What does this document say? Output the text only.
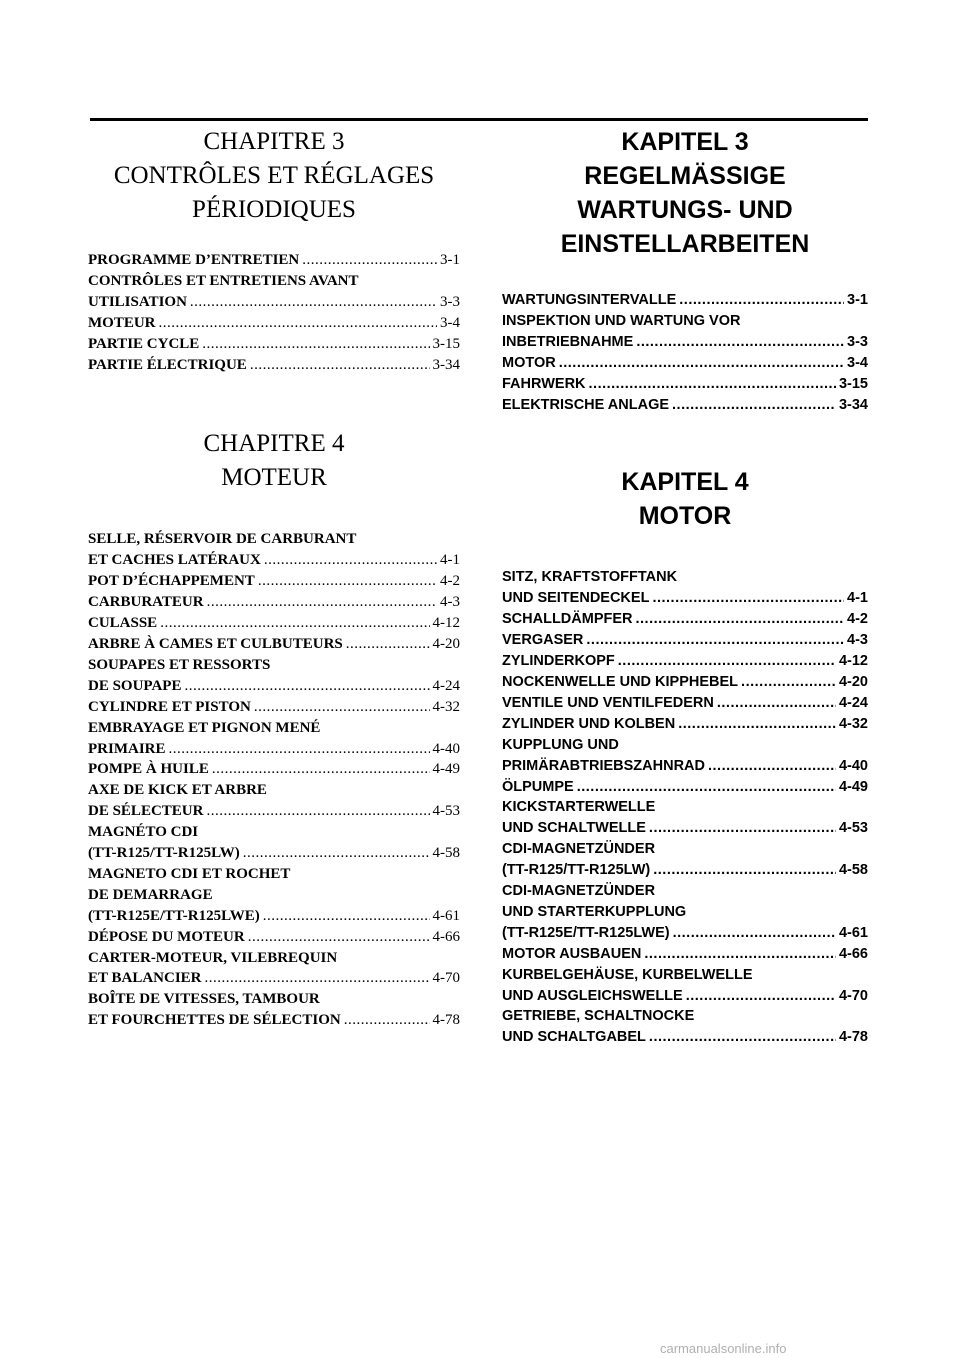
CHAPITRE 3
CONTRÔLES ET RÉGLAGES
PÉRIODIQUES
PROGRAMME D’ENTRETIEN .....	3-1
CONTRÔLES ET ENTRETIENS AVANT
UTILISATION .....	3-3
MOTEUR .....	3-4
PARTIE CYCLE .....	3-15
PARTIE ÉLECTRIQUE .....	3-34
CHAPITRE 4
MOTEUR
SELLE, RÉSERVOIR DE CARBURANT
ET CACHES LATÉRAUX .....	4-1
POT D’ÉCHAPPEMENT .....	4-2
CARBURATEUR .....	4-3
CULASSE .....	4-12
ARBRE À CAMES ET CULBUTEURS .....	4-20
SOUPAPES ET RESSORTS
DE SOUPAPE .....	4-24
CYLINDRE ET PISTON .....	4-32
EMBRAYAGE ET PIGNON MENÉ
PRIMAIRE .....	4-40
POMPE À HUILE .....	4-49
AXE DE KICK ET ARBRE
DE SÉLECTEUR .....	4-53
MAGNÉTO CDI
(TT-R125/TT-R125LW) .....	4-58
MAGNETO CDI ET ROCHET
DE DEMARRAGE
(TT-R125E/TT-R125LWE) .....	4-61
DÉPOSE DU MOTEUR .....	4-66
CARTER-MOTEUR, VILEBREQUIN
ET BALANCIER .....	4-70
BOÎTE DE VITESSES, TAMBOUR
ET FOURCHETTES DE SÉLECTION .....	4-78
KAPITEL 3
REGELMÄSSIGE
WARTUNGS- UND
EINSTELLARBEITEN
WARTUNGSINTERVALLE .....	3-1
INSPEKTION UND WARTUNG VOR
INBETRIEBNAHME .....	3-3
MOTOR .....	3-4
FAHRWERK .....	3-15
ELEKTRISCHE ANLAGE .....	3-34
KAPITEL 4
MOTOR
SITZ, KRAFTSTOFFTANK
UND SEITENDECKEL .....	4-1
SCHALLDÄMPFER .....	4-2
VERGASER .....	4-3
ZYLINDERKOPF .....	4-12
NOCKENWELLE UND KIPPHEBEL .....	4-20
VENTILE UND VENTILFEDERN .....	4-24
ZYLINDER UND KOLBEN .....	4-32
KUPPLUNG UND
PRIMÄRABTRIEBSZAHNRAD .....	4-40
ÖLPUMPE .....	4-49
KICKSTARTERWELLE
UND SCHALTWELLE .....	4-53
CDI-MAGNETZÜNDER
(TT-R125/TT-R125LW) .....	4-58
CDI-MAGNETZÜNDER
UND STARTERKUPPLUNG
(TT-R125E/TT-R125LWE) .....	4-61
MOTOR AUSBAUEN .....	4-66
KURBELGEHÄUSE, KURBELWELLE
UND AUSGLEICHSWELLE .....	4-70
GETRIEBE, SCHALTNOCKE
UND SCHALTGABEL .....	4-78
carmanualsonline.info
